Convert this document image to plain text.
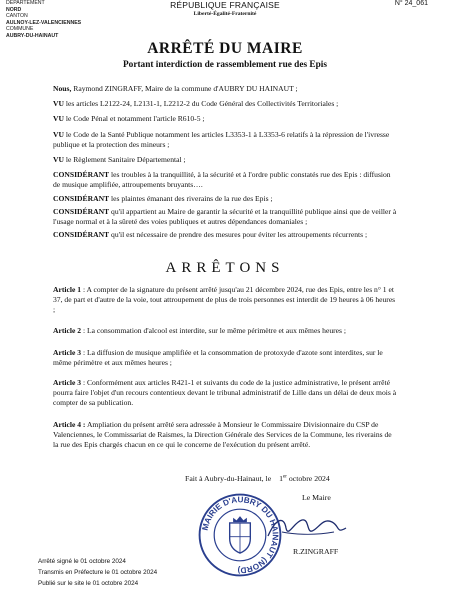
DÉPARTEMENT
NORD
CANTON
AULNOY-LEZ-VALENCIENNES
COMMUNE
AUBRY-DU-HAINAUT
RÉPUBLIQUE FRANÇAISE
Liberté-Égalité-Fraternité
N° 24_061
ARRÊTÉ DU MAIRE
Portant interdiction de rassemblement rue des Epis

Nous, Raymond ZINGRAFF, Maire de la commune d'AUBRY DU HAINAUT ;

VU les articles L2122-24, L2131-1, L2212-2 du Code Général des Collectivités Territoriales ;

VU le Code Pénal et notamment l'article R610-5 ;

VU le Code de la Santé Publique notamment les articles L3353-1 à L3353-6 relatifs à la répression de l'ivresse publique et la protection des mineurs ;

VU le Règlement Sanitaire Départemental ;

CONSIDÉRANT les troubles à la tranquillité, à la sécurité et à l'ordre public constatés rue des Epis : diffusion de musique amplifiée, attroupements bruyants….

CONSIDÉRANT les plaintes émanant des riverains de la rue des Epis ;

CONSIDÉRANT qu'il appartient au Maire de garantir la sécurité et la tranquillité publique ainsi que de veiller à l'usage normal et à la sûreté des voies publiques et autres dépendances domaniales ;

CONSIDÉRANT qu'il est nécessaire de prendre des mesures pour éviter les attroupements récurrents ;

ARRÊTONS

Article 1 : A compter de la signature du présent arrêté jusqu'au 21 décembre 2024, rue des Epis, entre les n° 1 et 37, de part et d'autre de la voie, tout attroupement de plus de trois personnes est interdit de 19 heures à 06 heures ;

Article 2 : La consommation d'alcool est interdite, sur le même périmètre et aux mêmes heures ;

Article 3 : La diffusion de musique amplifiée et la consommation de protoxyde d'azote sont interdites, sur le même périmètre et aux mêmes heures ;

Article 3 : Conformément aux articles R421-1 et suivants du code de la justice administrative, le présent arrêté pourra faire l'objet d'un recours contentieux devant le tribunal administratif de Lille dans un délai de deux mois à compter de sa publication.

Article 4 : Ampliation du présent arrêté sera adressée à Monsieur le Commissaire Divisionnaire du CSP de Valenciennes, le Commissariat de Raismes, la Direction Générale des Services de la Commune, les riverains de la rue des Epis chargés chacun en ce qui le concerne de l'exécution du présent arrêté.

Fait à Aubry-du-Hainaut, le 1er octobre 2024
Le Maire
MAIRIE D'AUBRY DU HAINAUT (NORD)
R.ZINGRAFF
Arrêté signé le 01 octobre 2024
Transmis en Préfecture le 01 octobre 2024
Publié sur le site le 01 octobre 2024
